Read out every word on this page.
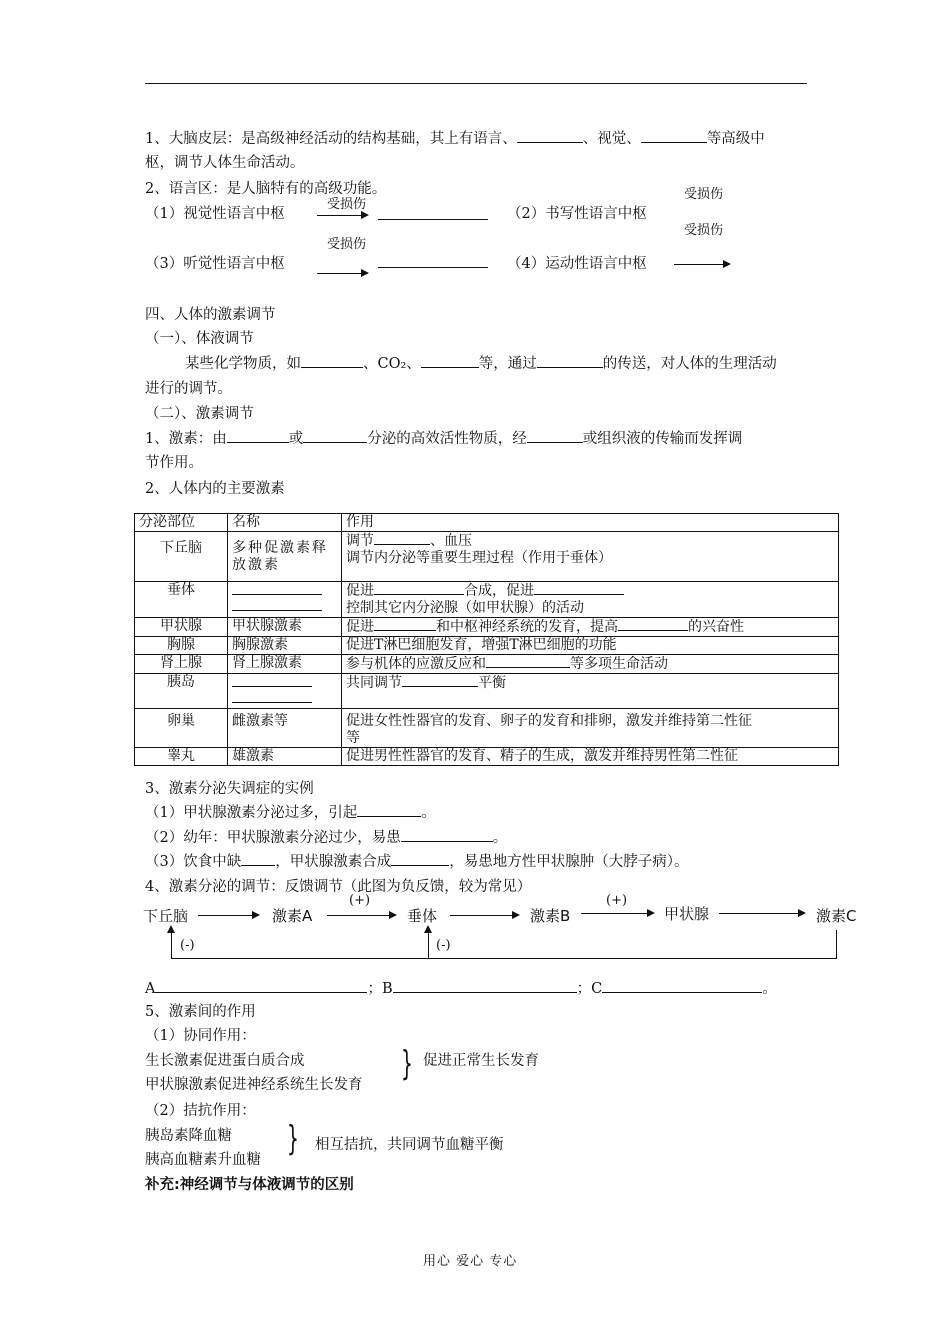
1、大脑皮层：是高级神经活动的结构基础，其上有语言、	、视觉、	等高级中
枢，调节人体生命活动。
2、语言区：是人脑特有的高级功能。
受损伤
受损伤
（1）视觉性语言中枢	（2）书写性语言中枢
受损伤
受损伤
（3）听觉性语言中枢	（4）运动性语言中枢
四、人体的激素调节
（一）、体液调节
某些化学物质，如	、CO₂、	等，通过	的传送，对人体的生理活动
进行的调节。
（二）、激素调节
1、激素：由	或	分泌的高效活性物质，经	或组织液的传输而发挥调
节作用。
2、人体内的主要激素
分泌部位	名称	作用
下丘脑	多种促激素释放激素	调节 、血压
调节内分泌等重要生理过程（作用于垂体）

垂体		促进 合成，促进
控制其它内分泌腺（如甲状腺）的活动

甲状腺	甲状腺激素	促进 和中枢神经系统的发育，提高 的兴奋性
胸腺	胸腺激素	促进T淋巴细胞发育，增强T淋巴细胞的功能
肾上腺	肾上腺激素	参与机体的应激反应和 等多项生命活动
胰岛		共同调节 平衡
卵巢	雌激素等	促进女性性器官的发育、卵子的发育和排卵，激发并维持第二性征
等

睾丸	雄激素	促进男性性器官的发育、精子的生成，激发并维持男性第二性征
3、激素分泌失调症的实例
（1）甲状腺激素分泌过多，引起	。
（2）幼年：甲状腺激素分泌过少，易患	。
（3）饮食中缺 ，甲状腺激素合成	，易患地方性甲状腺肿（大脖子病）。
4、激素分泌的调节：反馈调节（此图为负反馈，较为常见）
下丘脑	激素A
(+)
垂体	激素B
(+)
甲状腺	激素C
(-)	(-)
A	；B	；C	。
5、激素间的作用
（1）协同作用：
生长激素促进蛋白质合成
甲状腺激素促进神经系统生长发育
} 促进正常生长发育
（2）拮抗作用：
胰岛素降血糖
胰高血糖素升血糖
} 相互拮抗，共同调节血糖平衡
补充:神经调节与体液调节的区别
用心 爱心 专心
